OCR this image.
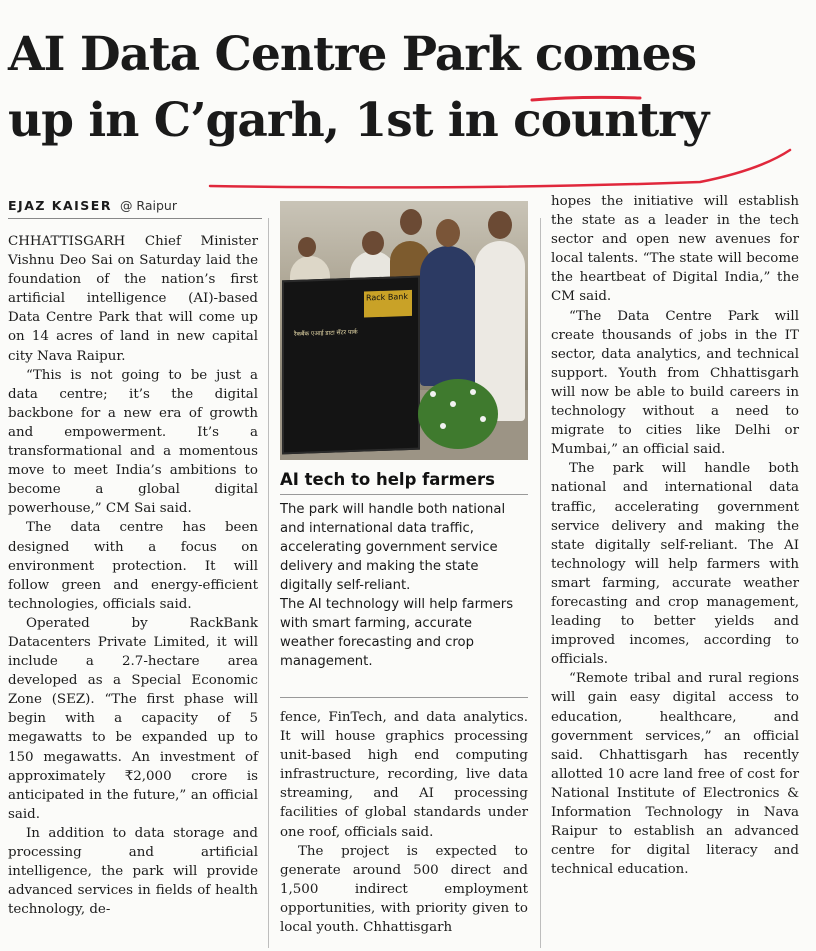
AI Data Centre Park comes
up in C’garh, 1st in country
EJAZ KAISER @ Raipur

CHHATTISGARH Chief Minister Vishnu Deo Sai on Saturday laid the foundation of the nation’s first artificial intelligence (AI)-based Data Centre Park that will come up on 14 acres of land in new capital city Nava Raipur.

“This is not going to be just a data centre; it’s the digital backbone for a new era of growth and empowerment. It’s a transformational and a momentous move to meet India’s ambitions to become a global digital powerhouse,” CM Sai said.

The data centre has been designed with a focus on environment protection. It will follow green and energy-efficient technologies, officials said.

Operated by RackBank Datacenters Private Limited, it will include a 2.7-hectare area developed as a Special Economic Zone (SEZ). “The first phase will begin with a capacity of 5 megawatts to be expanded up to 150 megawatts. An investment of approximately ₹2,000 crore is anticipated in the future,” an official said.

In addition to data storage and processing and artificial intelligence, the park will provide advanced services in fields of health technology, de-

Rack Bank
रैकबैंक एआई डाटा सेंटर पार्क
AI tech to help farmers

The park will handle both national and international data traffic, accelerating government service delivery and making the state digitally self-reliant.

The AI technology will help farmers with smart farming, accurate weather forecasting and crop management.

fence, FinTech, and data analytics. It will house graphics processing unit-based high end computing infrastructure, recording, live data streaming, and AI processing facilities of global standards under one roof, officials said.

The project is expected to generate around 500 direct and 1,500 indirect employment opportunities, with priority given to local youth. Chhattisgarh

hopes the initiative will establish the state as a leader in the tech sector and open new avenues for local talents. “The state will become the heartbeat of Digital India,” the CM said.

“The Data Centre Park will create thousands of jobs in the IT sector, data analytics, and technical support. Youth from Chhattisgarh will now be able to build careers in technology without a need to migrate to cities like Delhi or Mumbai,” an official said.

The park will handle both national and international data traffic, accelerating government service delivery and making the state digitally self-reliant. The AI technology will help farmers with smart farming, accurate weather forecasting and crop management, leading to better yields and improved incomes, according to officials.

“Remote tribal and rural regions will gain easy digital access to education, healthcare, and government services,” an official said. Chhattisgarh has recently allotted 10 acre land free of cost for National Institute of Electronics & Information Technology in Nava Raipur to establish an advanced centre for digital literacy and technical education.
